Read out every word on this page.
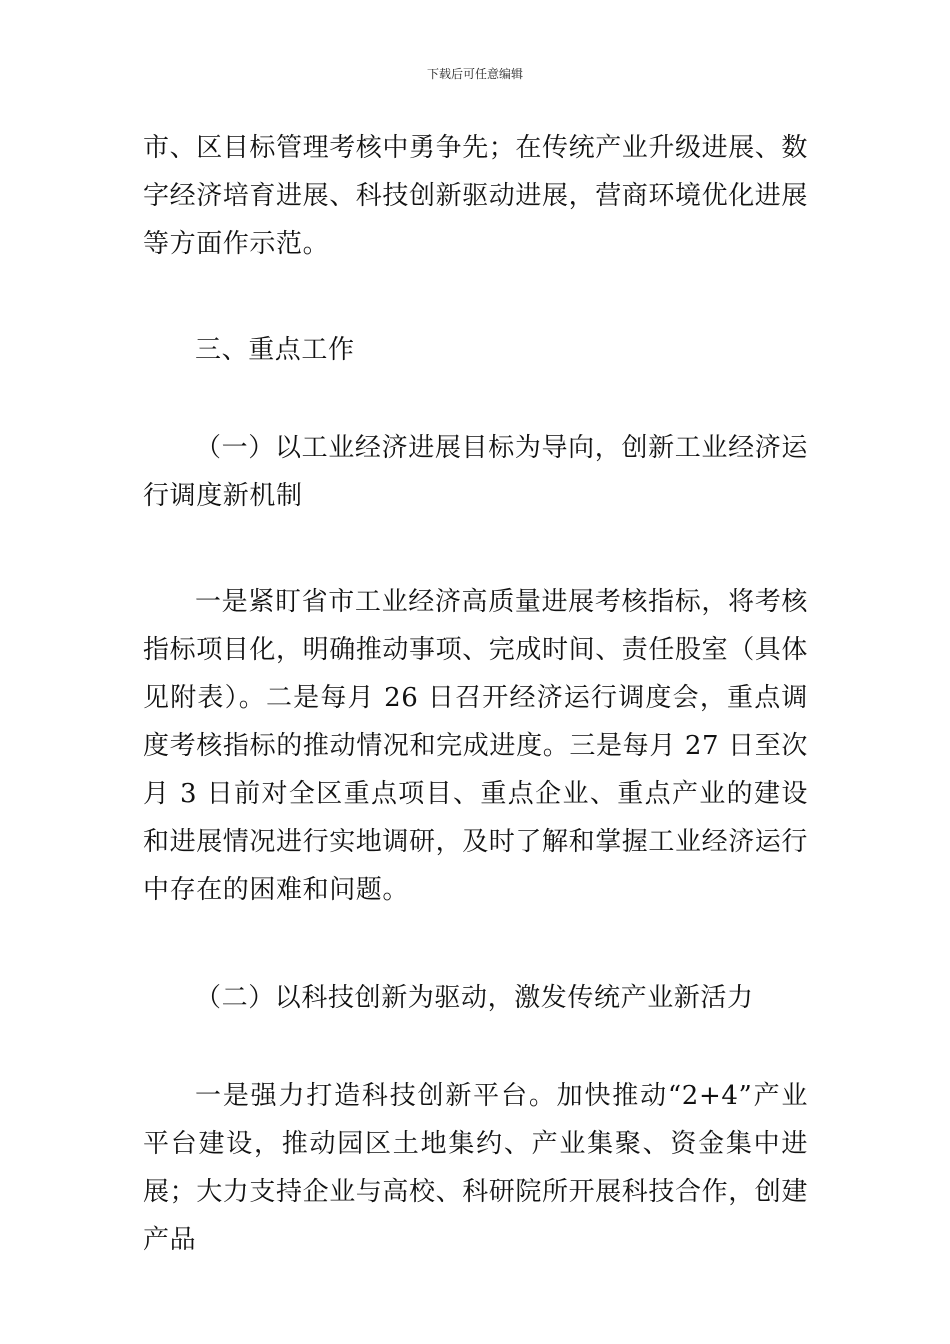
下载后可任意编辑

市、区目标管理考核中勇争先；在传统产业升级进展、数字经济培育进展、科技创新驱动进展，营商环境优化进展等方面作示范。

三、重点工作

（一）以工业经济进展目标为导向，创新工业经济运行调度新机制

一是紧盯省市工业经济高质量进展考核指标，将考核指标项目化，明确推动事项、完成时间、责任股室（具体见附表）。二是每月 26 日召开经济运行调度会，重点调度考核指标的推动情况和完成进度。三是每月 27 日至次月 3 日前对全区重点项目、重点企业、重点产业的建设和进展情况进行实地调研，及时了解和掌握工业经济运行中存在的困难和问题。

（二）以科技创新为驱动，激发传统产业新活力

一是强力打造科技创新平台。加快推动“2+4”产业平台建设，推动园区土地集约、产业集聚、资金集中进展；大力支持企业与高校、科研院所开展科技合作，创建产品
